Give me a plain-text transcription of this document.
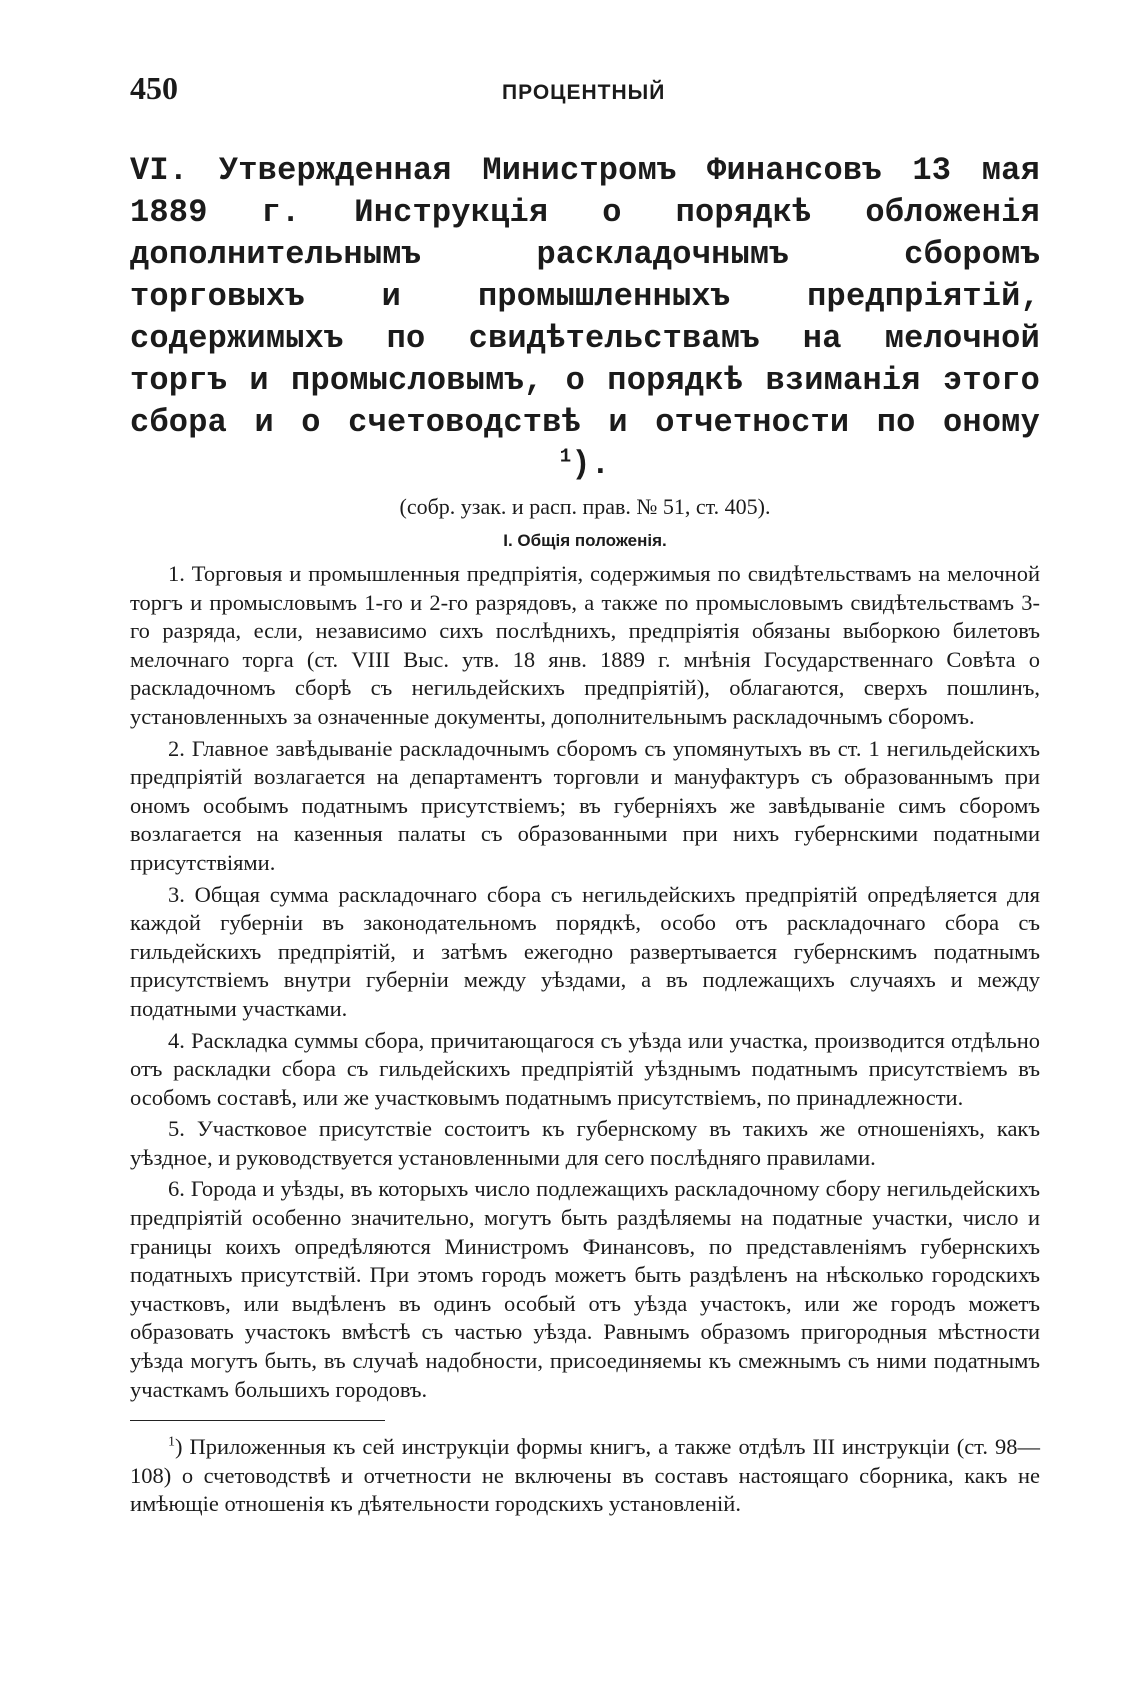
450	ПРОЦЕНТНЫЙ

VI. Утвержденная Министромъ Финансовъ 13 мая 1889 г. Инструкцiя о порядкѣ обложенiя дополнительнымъ раскладочнымъ сборомъ торговыхъ и промышленныхъ предпрiятiй, содержимыхъ по свидѣтельствамъ на мелочной торгъ и промысловымъ, о порядкѣ взиманiя этого сбора и о счетоводствѣ и отчетности по оному $^1$).

(собр. узак. и расп. прав. № 51, ст. 405).
I. Общiя положенiя.

1. Торговыя и промышленныя предпрiятiя, содержимыя по свидѣтельствамъ на мелочной торгъ и промысловымъ 1-го и 2-го разрядовъ, а также по промысловымъ свидѣтельствамъ 3-го разряда, если, независимо сихъ послѣднихъ, предпрiятiя обязаны выборкою билетовъ мелочнаго торга (ст. VIII Выс. утв. 18 янв. 1889 г. мнѣнiя Государственнаго Совѣта о раскладочномъ сборѣ съ негильдейскихъ предпрiятiй), облагаются, сверхъ пошлинъ, установленныхъ за означенные документы, дополнительнымъ раскладочнымъ сборомъ.

2. Главное завѣдываніе раскладочнымъ сборомъ съ упомянутыхъ въ ст. 1 негильдейскихъ предпрiятiй возлагается на департаментъ торговли и мануфактуръ съ образованнымъ при ономъ особымъ податнымъ присутствiемъ; въ губернiяхъ же завѣдываніе симъ сборомъ возлагается на казенныя палаты съ образованными при нихъ губернскими податными присутствiями.

3. Общая сумма раскладочнаго сбора съ негильдейскихъ предпрiятiй опредѣляется для каждой губернiи въ законодательномъ порядкѣ, особо отъ раскладочнаго сбора съ гильдейскихъ предпрiятiй, и затѣмъ ежегодно развертывается губернскимъ податнымъ присутствiемъ внутри губернiи между уѣздами, а въ подлежащихъ случаяхъ и между податными участками.

4. Раскладка суммы сбора, причитающагося съ уѣзда или участка, производится отдѣльно отъ раскладки сбора съ гильдейскихъ предпрiятiй уѣзднымъ податнымъ присутствiемъ въ особомъ составѣ, или же участковымъ податнымъ присутствiемъ, по принадлежности.

5. Участковое присутствiе состоитъ къ губернскому въ такихъ же отношенiяхъ, какъ уѣздное, и руководствуется установленными для сего послѣдняго правилами.

6. Города и уѣзды, въ которыхъ число подлежащихъ раскладочному сбору негильдейскихъ предпрiятiй особенно значительно, могутъ быть раздѣляемы на податные участки, число и границы коихъ опредѣляются Министромъ Финансовъ, по представленiямъ губернскихъ податныхъ присутствiй. При этомъ городъ можетъ быть раздѣленъ на нѣсколько городскихъ участковъ, или выдѣленъ въ одинъ особый отъ уѣзда участокъ, или же городъ можетъ образовать участокъ вмѣстѣ съ частью уѣзда. Равнымъ образомъ пригородныя мѣстности уѣзда могутъ быть, въ случаѣ надобности, присоединяемы къ смежнымъ съ ними податнымъ участкамъ большихъ городовъ.

$^1$) Приложенныя къ сей инструкцiи формы книгъ, а также отдѣлъ III инструкцiи (ст. 98—108) о счетоводствѣ и отчетности не включены въ составъ настоящаго сборника, какъ не имѣющiе отношенiя къ дѣятельности городскихъ установленiй.
